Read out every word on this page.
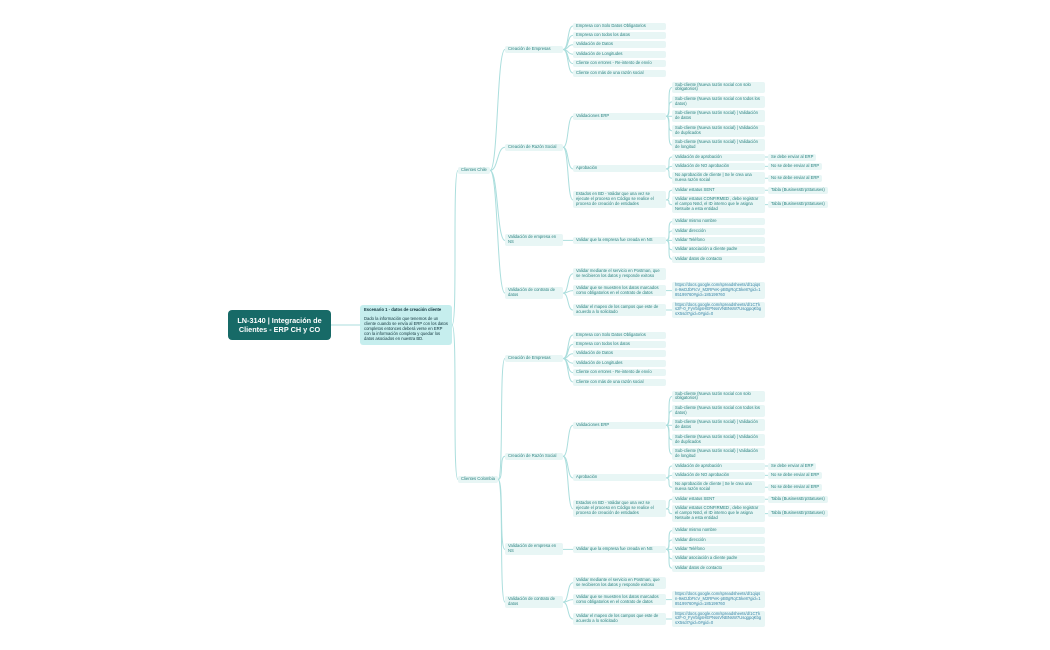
LN-3140 | Integración de Clientes - ERP CH y CO
Escenario 1 - datos de creación cliente
Dado la información que tenemos de un cliente cuando se envía al ERP con los datos completos entonces deberá verse en ERP con la información completa y quedar los datos asociados en nuestra BD.
Clientes Chile
Creación de Empresas
Empresa con Solo Datos Obligatorios
Empresa con todos los datos
Validación de Datos
Validación de Longitudes
Cliente con errores - Re-intento de envío
Cliente con más de una razón social
Creación de Razón Social
Validaciones ERP
Sub-cliente (Nueva razón social con solo obligatorios)
Sub-cliente (Nueva razón social con todos los datos)
Sub-cliente (Nueva razón social) | Validación de datos
Sub-cliente (Nueva razón social) | Validación de duplicados
Sub-cliente (Nueva razón social) | Validación de longitud
Aprobación
Validación de aprobación	Se debe enviar al ERP
Validación de NO aprobación	No se debe enviar al ERP
No aprobación de cliente | Se le crea una nueva razón social	No se debe enviar al ERP
Estados en BD - Validar que una vez se ejecute el proceso en Código se realice el proceso de creación de entidades
Validar estatus SENT	Tabla (BusinessErpStatuses)
Validar estatus CONFIRMED , debe registrar el campo NsId, el ID interno que le asigna Netsuite a esta entidad
Tabla (BusinessErpStatuses)
Validación de empresa en NS	Validar que la empresa fue creada en NS
Validar mismo nombre
Validar dirección
Validar Teléfono
Validar asociación a cliente padre
Validar datos de contacto
Validación de contrato de datos
Validar mediante el servicio en Postman, que se recibieron los datos y responde exitoso
Validar que se muestren los datos marcados como obligatorios en el contrato de datos
https://docs.google.com/spreadsheets/d/1qiqsn-9wDJbFIcV_M2RPeK-pB0gRqC5ke8?gid=185199760#gid=185199760
Validar el mapeo de los campos que este de acuerdo a lo solicitado
https://docs.google.com/spreadsheets/d/1CTks2F-0_FyVbIgsHEPNssVNBNsW7UsqgpqKbgsX5sdI?gid=0#gid=0
Clientes Colombia
Creación de Empresas
Empresa con Solo Datos Obligatorios
Empresa con todos los datos
Validación de Datos
Validación de Longitudes
Cliente con errores - Re-intento de envío
Cliente con más de una razón social
Creación de Razón Social
Validaciones ERP
Sub-cliente (Nueva razón social con solo obligatorios)
Sub-cliente (Nueva razón social con todos los datos)
Sub-cliente (Nueva razón social) | Validación de datos
Sub-cliente (Nueva razón social) | Validación de duplicados
Sub-cliente (Nueva razón social) | Validación de longitud
Aprobación
Validación de aprobación	Se debe enviar al ERP
Validación de NO aprobación	No se debe enviar al ERP
No aprobación de cliente | Se le crea una nueva razón social	No se debe enviar al ERP
Estados en BD - Validar que una vez se ejecute el proceso en Código se realice el proceso de creación de entidades
Validar estatus SENT	Tabla (BusinessErpStatuses)
Validar estatus CONFIRMED , debe registrar el campo NsId, el ID interno que le asigna Netsuite a esta entidad
Tabla (BusinessErpStatuses)
Validación de empresa en NS	Validar que la empresa fue creada en NS
Validar mismo nombre
Validar dirección
Validar Teléfono
Validar asociación a cliente padre
Validar datos de contacto
Validación de contrato de datos
Validar mediante el servicio en Postman, que se recibieron los datos y responde exitoso
Validar que se muestren los datos marcados como obligatorios en el contrato de datos
https://docs.google.com/spreadsheets/d/1qiqsn-9wDJbFIcV_M2RPeK-pB0gRqC5ke8?gid=185199760#gid=185199760
Validar el mapeo de los campos que este de acuerdo a lo solicitado
https://docs.google.com/spreadsheets/d/1CTks2F-0_FyVbIgsHEPNssVNBNsW7UsqgpqKbgsX5sdI?gid=0#gid=0
